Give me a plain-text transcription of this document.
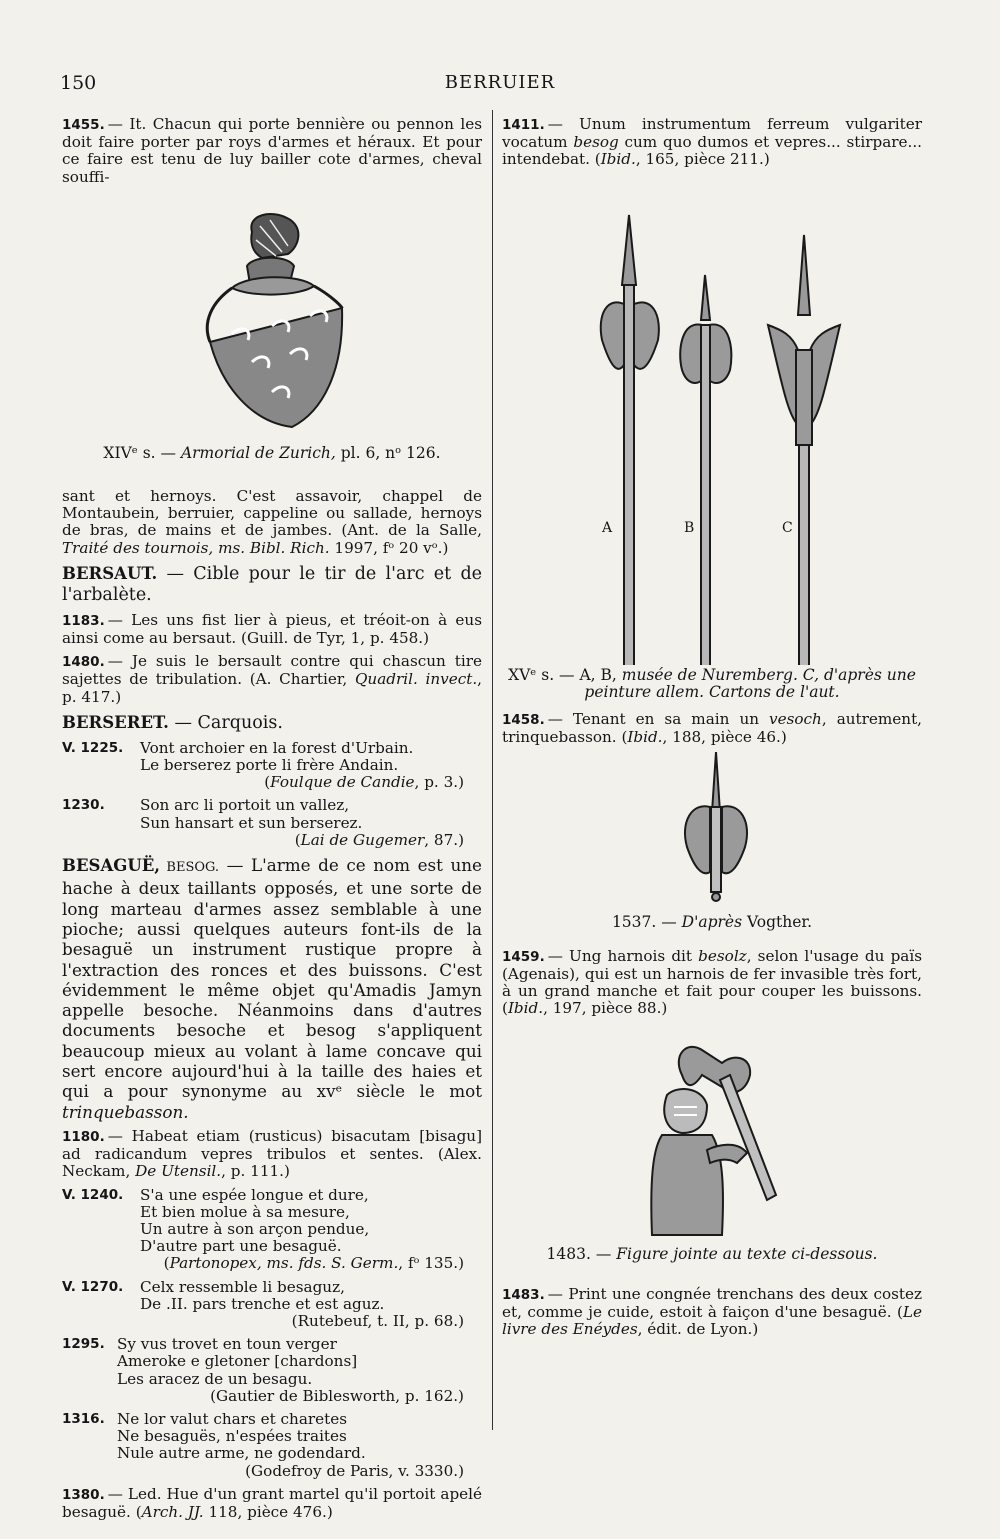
150	BERRUIER

1455. — It. Chacun qui porte bennière ou pennon les doit faire porter par roys d'armes et héraux. Et pour ce faire est tenu de luy bailler cote d'armes, cheval souffi-

XIVᵉ s. — Armorial de Zurich, pl. 6, nᵒ 126.

sant et hernoys. C'est assavoir, chappel de Montaubein, berruier, cappeline ou sallade, hernoys de bras, de mains et de jambes. (Ant. de la Salle, Traité des tournois, ms. Bibl. Rich. 1997, fᵒ 20 vᵒ.)

BERSAUT. — Cible pour le tir de l'arc et de l'arbalète.

1183. — Les uns fist lier à pieus, et tréoit-on à eus ainsi come au bersaut. (Guill. de Tyr, 1, p. 458.)

1480. — Je suis le bersault contre qui chascun tire sajettes de tribulation. (A. Chartier, Quadril. invect., p. 417.)

BERSERET. — Carquois.

V. 1225.	Vont archoier en la forest d'Urbain.
Le berserez porte li frère Andain.
(Foulque de Candie, p. 3.)
1230.	Son arc li portoit un vallez,
Sun hansart et sun berserez.
(Lai de Gugemer, 87.)

BESAGUË, BESOG. — L'arme de ce nom est une hache à deux taillants opposés, et une sorte de long marteau d'armes assez semblable à une pioche; aussi quelques auteurs font-ils de la besaguë un instrument rustique propre à l'extraction des ronces et des buissons. C'est évidemment le même objet qu'Amadis Jamyn appelle besoche. Néanmoins dans d'autres documents besoche et besog s'appliquent beaucoup mieux au volant à lame concave qui sert encore aujourd'hui à la taille des haies et qui a pour synonyme au xvᵉ siècle le mot trinquebasson.

1180. — Habeat etiam (rusticus) bisacutam [bisagu] ad radicandum vepres tribulos et sentes. (Alex. Neckam, De Utensil., p. 111.)

V. 1240.	S'a une espée longue et dure,
Et bien molue à sa mesure,
Un autre à son arçon pendue,
D'autre part une besaguë.
(Partonopex, ms. fds. S. Germ., fᵒ 135.)
V. 1270.	Celx ressemble li besaguz,
De .II. pars trenche et est aguz.
(Rutebeuf, t. II, p. 68.)
1295. Sy vus trovet en toun verger
Ameroke e gletoner [chardons]
Les aracez de un besagu.
(Gautier de Biblesworth, p. 162.)
1316. Ne lor valut chars et charetes
Ne besaguës, n'espées traites
Nule autre arme, ne godendard.
(Godefroy de Paris, v. 3330.)

1380. — Led. Hue d'un grant martel qu'il portoit apelé besaguë. (Arch. JJ. 118, pièce 476.)

1411. — Unum instrumentum ferreum vulgariter vocatum besog cum quo dumos et vepres... stirpare... intendebat. (Ibid., 165, pièce 211.)

A	B	C

XVᵉ s. — A, B, musée de Nuremberg. C, d'après une peinture allem. Cartons de l'aut.

1458. — Tenant en sa main un vesoch, autrement, trinquebasson. (Ibid., 188, pièce 46.)

1537. — D'après Vogther.

1459. — Ung harnois dit besolz, selon l'usage du païs (Agenais), qui est un harnois de fer invasible très fort, à un grand manche et fait pour couper les buissons. (Ibid., 197, pièce 88.)

1483. — Figure jointe au texte ci-dessous.

1483. — Print une congnée trenchans des deux costez et, comme je cuide, estoit à faiçon d'une besaguë. (Le livre des Enéydes, édit. de Lyon.)
